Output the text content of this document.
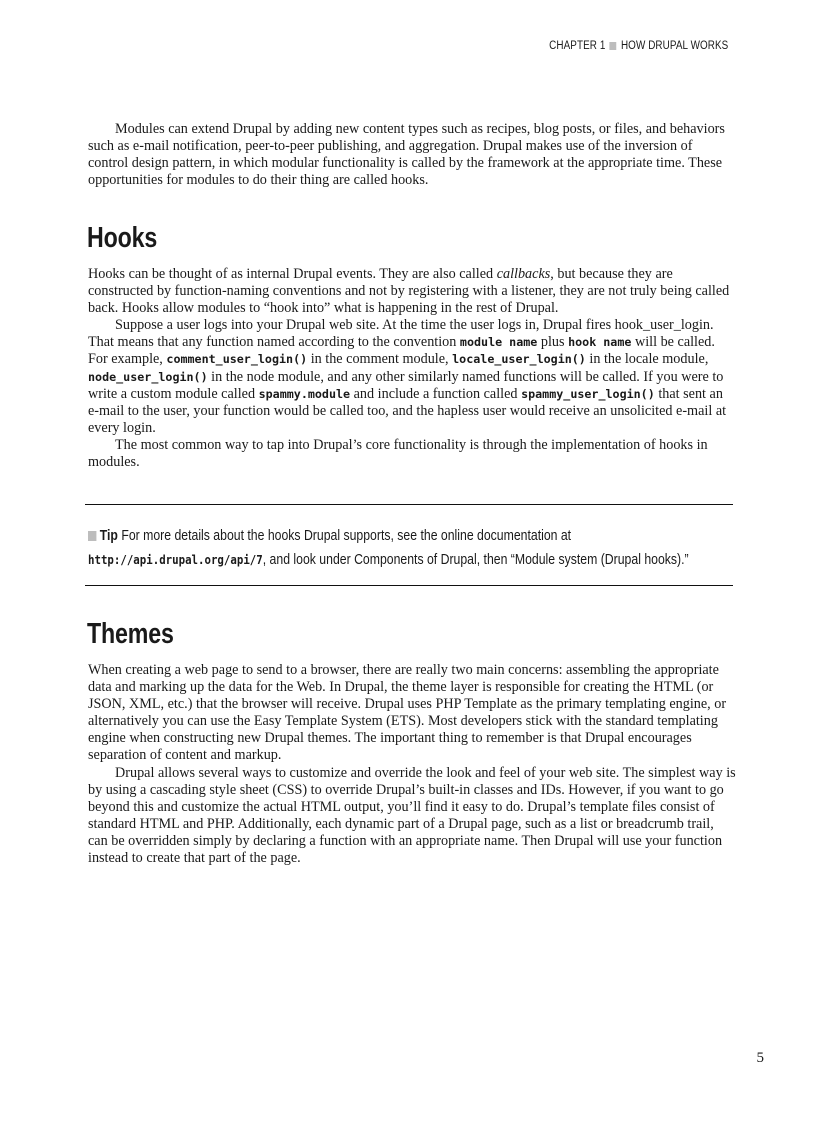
CHAPTER 1 HOW DRUPAL WORKS

Modules can extend Drupal by adding new content types such as recipes, blog posts, or files, and behaviors such as e-mail notification, peer-to-peer publishing, and aggregation. Drupal makes use of the inversion of control design pattern, in which modular functionality is called by the framework at the appropriate time. These opportunities for modules to do their thing are called hooks.

Hooks

Hooks can be thought of as internal Drupal events. They are also called callbacks, but because they are constructed by function-naming conventions and not by registering with a listener, they are not truly being called back. Hooks allow modules to “hook into” what is happening in the rest of Drupal.

Suppose a user logs into your Drupal web site. At the time the user logs in, Drupal fires hook_user_login. That means that any function named according to the convention module name plus hook name will be called. For example, comment_user_login() in the comment module, locale_user_login() in the locale module, node_user_login() in the node module, and any other similarly named functions will be called. If you were to write a custom module called spammy.module and include a function called spammy_user_login() that sent an e-mail to the user, your function would be called too, and the hapless user would receive an unsolicited e-mail at every login.

The most common way to tap into Drupal’s core functionality is through the implementation of hooks in modules.

Tip For more details about the hooks Drupal supports, see the online documentation at
http://api.drupal.org/api/7, and look under Components of Drupal, then “Module system (Drupal hooks).”
Themes

When creating a web page to send to a browser, there are really two main concerns: assembling the appropriate data and marking up the data for the Web. In Drupal, the theme layer is responsible for creating the HTML (or JSON, XML, etc.) that the browser will receive. Drupal uses PHP Template as the primary templating engine, or alternatively you can use the Easy Template System (ETS). Most developers stick with the standard templating engine when constructing new Drupal themes. The important thing to remember is that Drupal encourages separation of content and markup.

Drupal allows several ways to customize and override the look and feel of your web site. The simplest way is by using a cascading style sheet (CSS) to override Drupal’s built-in classes and IDs. However, if you want to go beyond this and customize the actual HTML output, you’ll find it easy to do. Drupal’s template files consist of standard HTML and PHP. Additionally, each dynamic part of a Drupal page, such as a list or breadcrumb trail, can be overridden simply by declaring a function with an appropriate name. Then Drupal will use your function instead to create that part of the page.

5
